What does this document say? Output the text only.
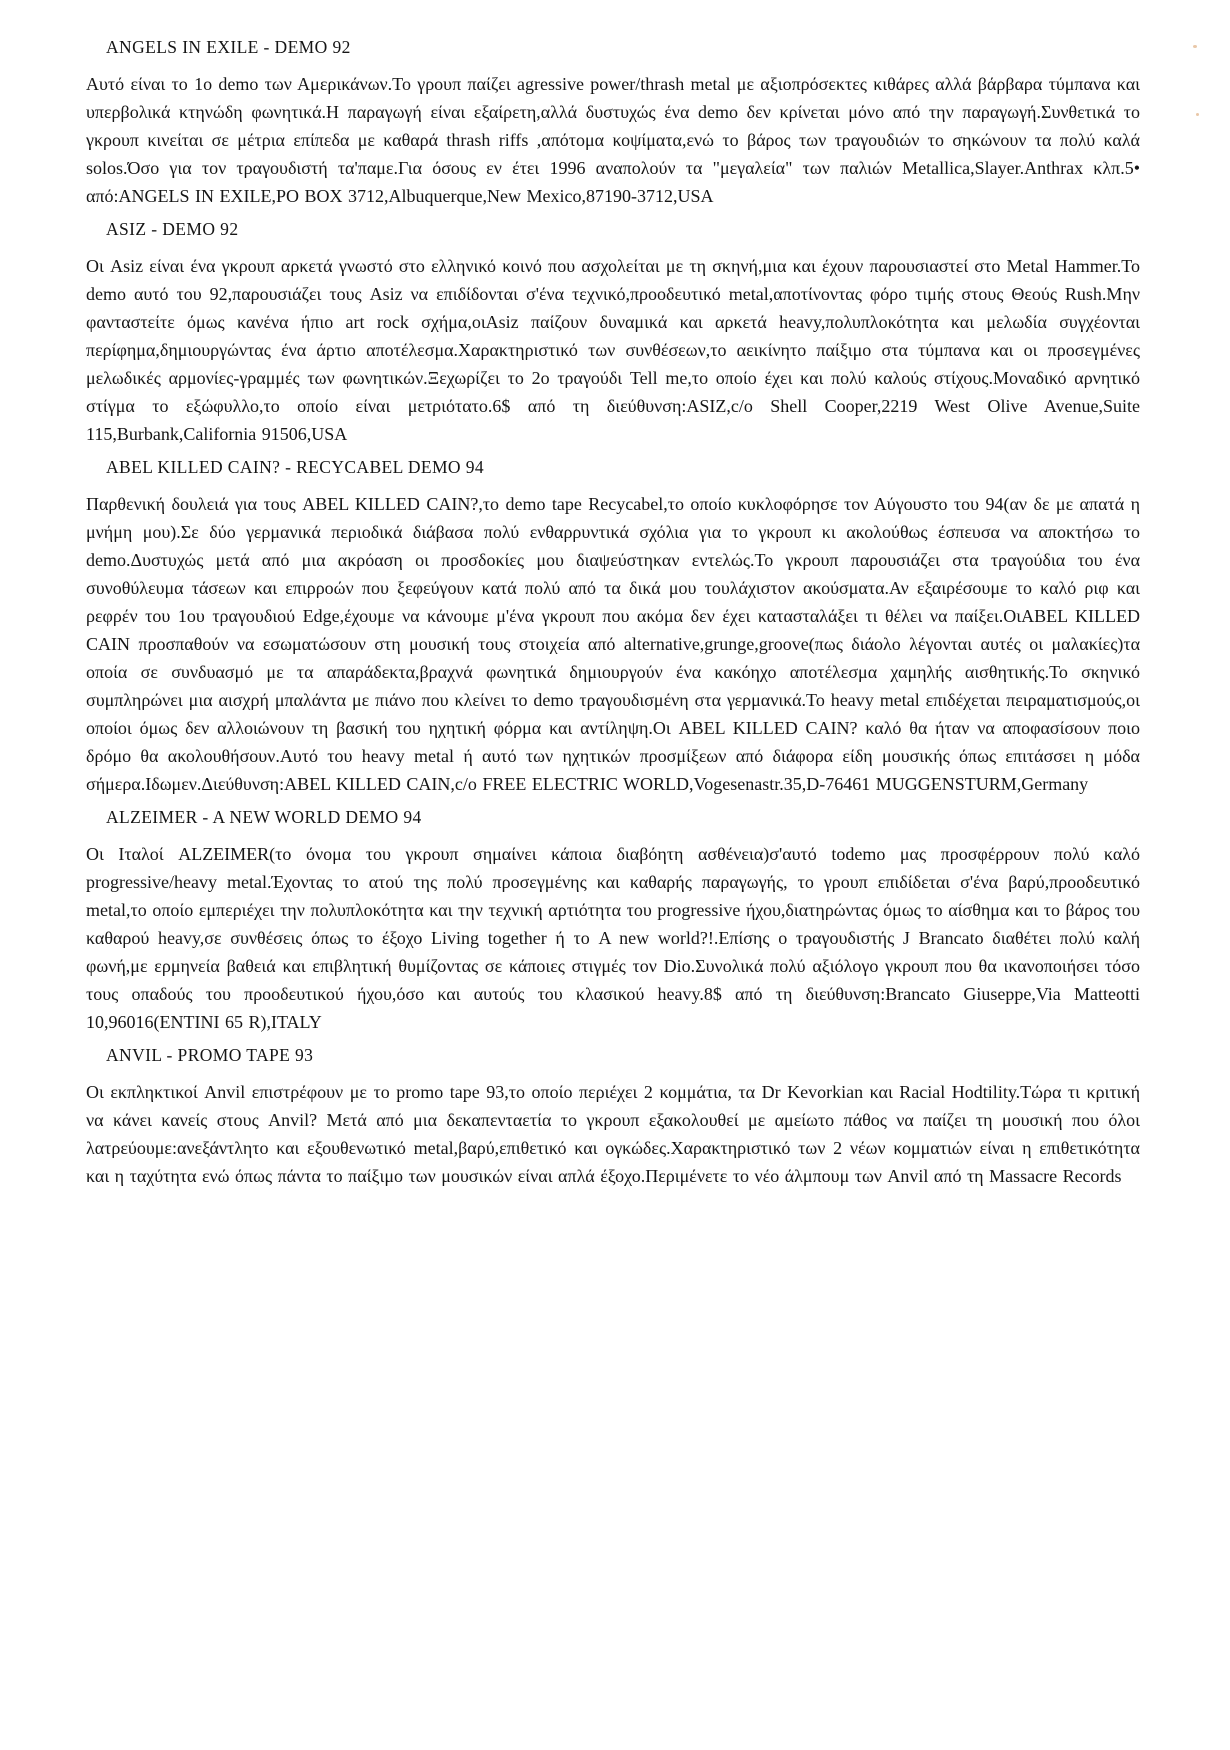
ANGELS IN EXILE - DEMO 92

Αυτό είναι το 1ο demo των Αμερικάνων.Το γρουπ παίζει agressive power/thrash metal με αξιοπρόσεκτες κιθάρες αλλά βάρβαρα τύμπανα και υπερβολικά κτηνώδη φωνητικά.Η παραγωγή είναι εξαίρετη,αλλά δυστυχώς ένα demo δεν κρίνεται μόνο από την παραγωγή.Συνθετικά το γκρουπ κινείται σε μέτρια επίπεδα με καθαρά thrash riffs ,απότομα κοψίματα,ενώ το βάρος των τραγουδιών το σηκώνουν τα πολύ καλά solos.Όσο για τον τραγουδιστή τα'παμε.Για όσους εν έτει 1996 αναπολούν τα "μεγαλεία" των παλιών Metallica,Slayer.Anthrax κλπ.5• από:ANGELS IN EXILE,PO BOX 3712,Albuquerque,New Mexico,87190-3712,USA

ASIZ - DEMO 92

Οι Asiz είναι ένα γκρουπ αρκετά γνωστό στο ελληνικό κοινό που ασχολείται με τη σκηνή,μια και έχουν παρουσιαστεί στο Metal Hammer.Το demo αυτό του 92,παρουσιάζει τους Asiz να επιδίδονται σ'ένα τεχνικό,προοδευτικό metal,αποτίνοντας φόρο τιμής στους Θεούς Rush.Μην φανταστείτε όμως κανένα ήπιο art rock σχήμα,οιAsiz παίζουν δυναμικά και αρκετά heavy,πολυπλοκότητα και μελωδία συγχέονται περίφημα,δημιουργώντας ένα άρτιο αποτέλεσμα.Χαρακτηριστικό των συνθέσεων,το αεικίνητο παίξιμο στα τύμπανα και οι προσεγμένες μελωδικές αρμονίες-γραμμές των φωνητικών.Ξεχωρίζει το 2ο τραγούδι Tell me,το οποίο έχει και πολύ καλούς στίχους.Μοναδικό αρνητικό στίγμα το εξώφυλλο,το οποίο είναι μετριότατο.6$ από τη διεύθυνση:ASIZ,c/o Shell Cooper,2219 West Olive Avenue,Suite 115,Burbank,California 91506,USA

ABEL KILLED CAIN? - RECYCABEL DEMO 94

Παρθενική δουλειά για τους ABEL KILLED CAIN?,το demo tape Recycabel,το οποίο κυκλοφόρησε τον Αύγουστο του 94(αν δε με απατά η μνήμη μου).Σε δύο γερμανικά περιοδικά διάβασα πολύ ενθαρρυντικά σχόλια για το γκρουπ κι ακολούθως έσπευσα να αποκτήσω το demo.Δυστυχώς μετά από μια ακρόαση οι προσδοκίες μου διαψεύστηκαν εντελώς.Το γκρουπ παρουσιάζει στα τραγούδια του ένα συνοθύλευμα τάσεων και επιρροών που ξεφεύγουν κατά πολύ από τα δικά μου τουλάχιστον ακούσματα.Αν εξαιρέσουμε το καλό ριφ και ρεφρέν του 1ου τραγουδιού Edge,έχουμε να κάνουμε μ'ένα γκρουπ που ακόμα δεν έχει κατασταλάξει τι θέλει να παίξει.ΟιABEL KILLED CAIN προσπαθούν να εσωματώσουν στη μουσική τους στοιχεία από alternative,grunge,groove(πως διάολο λέγονται αυτές οι μαλακίες)τα οποία σε συνδυασμό με τα απαράδεκτα,βραχνά φωνητικά δημιουργούν ένα κακόηχο αποτέλεσμα χαμηλής αισθητικής.Το σκηνικό συμπληρώνει μια αισχρή μπαλάντα με πιάνο που κλείνει το demo τραγουδισμένη στα γερμανικά.Το heavy metal επιδέχεται πειραματισμούς,οι οποίοι όμως δεν αλλοιώνουν τη βασική του ηχητική φόρμα και αντίληψη.Οι ABEL KILLED CAIN? καλό θα ήταν να αποφασίσουν ποιο δρόμο θα ακολουθήσουν.Αυτό του heavy metal ή αυτό των ηχητικών προσμίξεων από διάφορα είδη μουσικής όπως επιτάσσει η μόδα σήμερα.Ιδωμεν.Διεύθυνση:ABEL KILLED CAIN,c/o FREE ELECTRIC WORLD,Vogesenastr.35,D-76461 MUGGENSTURM,Germany

ALZEIMER - A NEW WORLD DEMO 94

Οι Ιταλοί ALZEIMER(το όνομα του γκρουπ σημαίνει κάποια διαβόητη ασθένεια)σ'αυτό todemo μας προσφέρρουν πολύ καλό progressive/heavy metal.Έχοντας το ατού της πολύ προσεγμένης και καθαρής παραγωγής, το γρουπ επιδίδεται σ'ένα βαρύ,προοδευτικό metal,το οποίο εμπεριέχει την πολυπλοκότητα και την τεχνική αρτιότητα του progressive ήχου,διατηρώντας όμως το αίσθημα και το βάρος του καθαρού heavy,σε συνθέσεις όπως το έξοχο Living together ή το A new world?!.Επίσης ο τραγουδιστής J Brancato διαθέτει πολύ καλή φωνή,με ερμηνεία βαθειά και επιβλητική θυμίζοντας σε κάποιες στιγμές τον Dio.Συνολικά πολύ αξιόλογο γκρουπ που θα ικανοποιήσει τόσο τους οπαδούς του προοδευτικού ήχου,όσο και αυτούς του κλασικού heavy.8$ από τη διεύθυνση:Brancato Giuseppe,Via Matteotti 10,96016(ENTINI 65 R),ITALY

ANVIL - PROMO TAPE 93

Οι εκπληκτικοί Anvil επιστρέφουν με το promo tape 93,το οποίο περιέχει 2 κομμάτια, τα Dr Kevorkian και Racial Hodtility.Τώρα τι κριτική να κάνει κανείς στους Anvil? Μετά από μια δεκαπενταετία το γκρουπ εξακολουθεί με αμείωτο πάθος να παίζει τη μουσική που όλοι λατρεύουμε:ανεξάντλητο και εξουθενωτικό metal,βαρύ,επιθετικό και ογκώδες.Χαρακτηριστικό των 2 νέων κομματιών είναι η επιθετικότητα και η ταχύτητα ενώ όπως πάντα το παίξιμο των μουσικών είναι απλά έξοχο.Περιμένετε το νέο άλμπουμ των Anvil από τη Massacre Records
